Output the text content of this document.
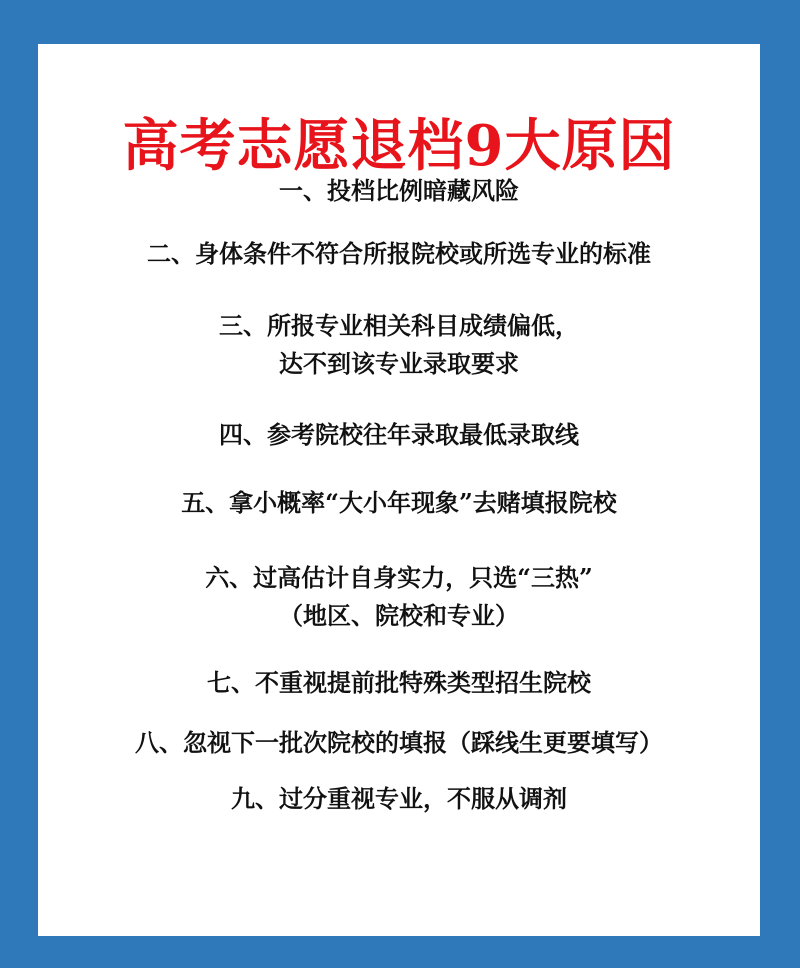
高考志愿退档9大原因
一、投档比例暗藏风险
二、身体条件不符合所报院校或所选专业的标准
三、所报专业相关科目成绩偏低，
达不到该专业录取要求
四、参考院校往年录取最低录取线
五、拿小概率“大小年现象”去赌填报院校
六、过高估计自身实力，只选“三热”
（地区、院校和专业）
七、不重视提前批特殊类型招生院校
八、忽视下一批次院校的填报（踩线生更要填写）
九、过分重视专业，不服从调剂
